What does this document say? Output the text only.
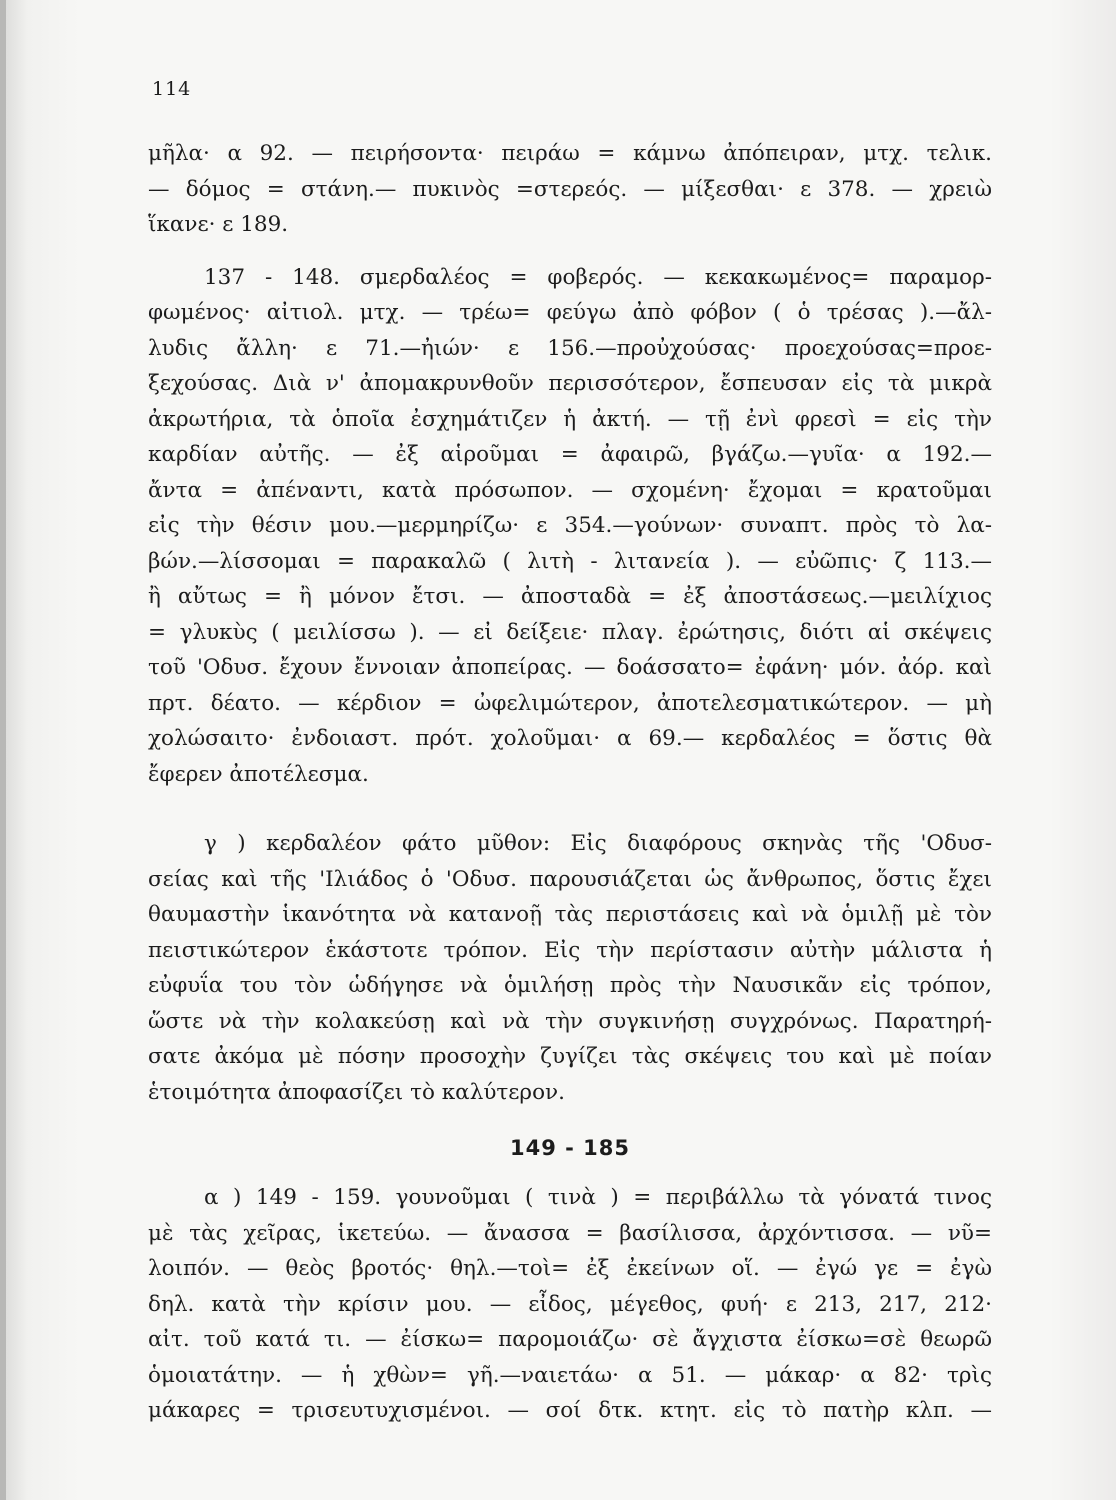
114

μῆλα· α 92. — πειρήσοντα· πειράω = κάμνω ἀπόπειραν, μτχ. τελικ.
— δόμος = στάνη.— πυκινὸς =στερεός. — μίξεσθαι· ε 378. — χρειὼ
ἵκανε· ε 189.

137 - 148. σμερδαλέος = φοβερός. — κεκακωμένος= παραμορ-
φωμένος· αἰτιολ. μτχ. — τρέω= φεύγω ἀπὸ φόβον ( ὁ τρέσας ).—ἄλ-
λυδις ἄλλη· ε 71.—ἠιών· ε 156.—προὐχούσας· προεχούσας=προε-
ξεχούσας. Διὰ ν' ἀπομακρυνθοῦν περισσότερον, ἔσπευσαν εἰς τὰ μικρὰ
ἀκρωτήρια, τὰ ὁποῖα ἐσχημάτιζεν ἡ ἀκτή. — τῇ ἐνὶ φρεσὶ = εἰς τὴν
καρδίαν αὐτῆς. — ἐξ αἱροῦμαι = ἀφαιρῶ, βγάζω.—γυῖα· α 192.—
ἄντα = ἀπέναντι, κατὰ πρόσωπον. — σχομένη· ἔχομαι = κρατοῦμαι
εἰς τὴν θέσιν μου.—μερμηρίζω· ε 354.—γούνων· συναπτ. πρὸς τὸ λα-
βών.—λίσσομαι = παρακαλῶ ( λιτὴ - λιτανεία ). — εὐῶπις· ζ 113.—
ἢ αὔτως = ἢ μόνον ἔτσι. — ἀποσταδὰ = ἐξ ἀποστάσεως.—μειλίχιος
= γλυκὺς ( μειλίσσω ). — εἰ δείξειε· πλαγ. ἐρώτησις, διότι αἱ σκέψεις
τοῦ 'Οδυσ. ἔχουν ἔννοιαν ἀποπείρας. — δοάσσατο= ἐφάνη· μόν. ἀόρ. καὶ
πρτ. δέατο. — κέρδιον = ὠφελιμώτερον, ἀποτελεσματικώτερον. — μὴ
χολώσαιτο· ἐνδοιαστ. πρότ. χολοῦμαι· α 69.— κερδαλέος = ὅστις θὰ
ἔφερεν ἀποτέλεσμα.

γ ) κερδαλέον φάτο μῦθον: Εἰς διαφόρους σκηνὰς τῆς 'Οδυσ-
σείας καὶ τῆς 'Ιλιάδος ὁ 'Οδυσ. παρουσιάζεται ὡς ἄνθρωπος, ὅστις ἔχει
θαυμαστὴν ἱκανότητα νὰ κατανοῇ τὰς περιστάσεις καὶ νὰ ὁμιλῇ μὲ τὸν
πειστικώτερον ἑκάστοτε τρόπον. Εἰς τὴν περίστασιν αὐτὴν μάλιστα ἡ
εὐφυΐα του τὸν ὡδήγησε νὰ ὁμιλήσῃ πρὸς τὴν Ναυσικᾶν εἰς τρόπον,
ὥστε νὰ τὴν κολακεύσῃ καὶ νὰ τὴν συγκινήσῃ συγχρόνως. Παρατηρή-
σατε ἀκόμα μὲ πόσην προσοχὴν ζυγίζει τὰς σκέψεις του καὶ μὲ ποίαν
ἑτοιμότητα ἀποφασίζει τὸ καλύτερον.

149 - 185

α ) 149 - 159. γουνοῦμαι ( τινὰ ) = περιβάλλω τὰ γόνατά τινος
μὲ τὰς χεῖρας, ἱκετεύω. — ἄνασσα = βασίλισσα, ἀρχόντισσα. — νῦ=
λοιπόν. — θεὸς βροτός· θηλ.—τοὶ= ἐξ ἐκείνων οἵ. — ἐγώ γε = ἐγὼ
δηλ. κατὰ τὴν κρίσιν μου. — εἶδος, μέγεθος, φυή· ε 213, 217, 212·
αἰτ. τοῦ κατά τι. — ἐίσκω= παρομοιάζω· σὲ ἄγχιστα ἐίσκω=σὲ θεωρῶ
ὁμοιατάτην. — ἡ χθὼν= γῆ.—ναιετάω· α 51. — μάκαρ· α 82· τρὶς
μάκαρες = τρισευτυχισμένοι. — σοί δτκ. κτητ. εἰς τὸ πατὴρ κλπ. —
